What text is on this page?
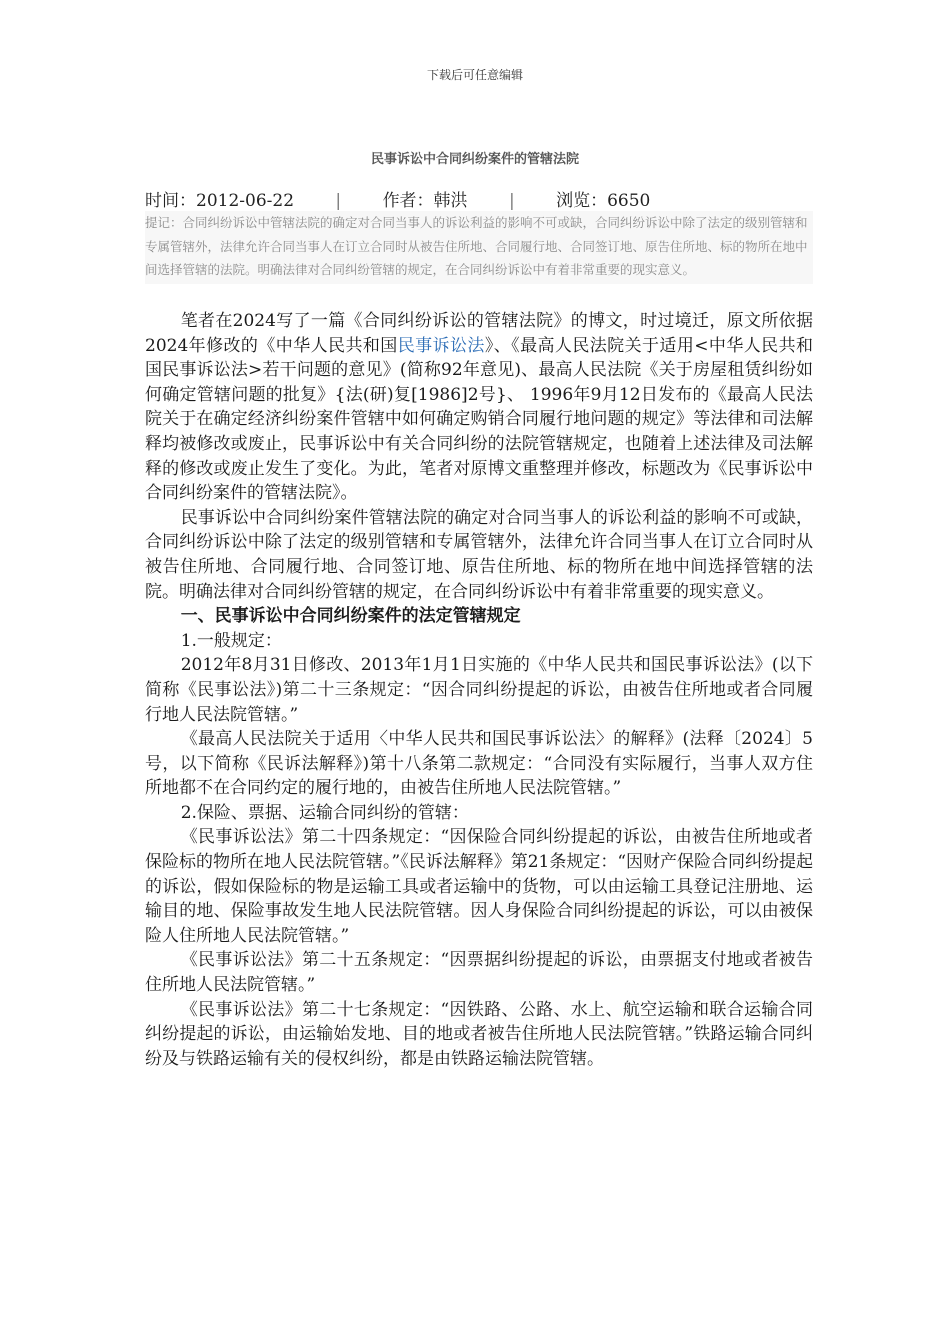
下载后可任意编辑
民事诉讼中合同纠纷案件的管辖法院
时间：2012-06-22 | 作者：韩洪 | 浏览：6650
提记：合同纠纷诉讼中管辖法院的确定对合同当事人的诉讼利益的影响不可或缺，合同纠纷诉讼中除了法定的级别管辖和专属管辖外，法律允许合同当事人在订立合同时从被告住所地、合同履行地、合同签订地、原告住所地、标的物所在地中间选择管辖的法院。明确法律对合同纠纷管辖的规定，在合同纠纷诉讼中有着非常重要的现实意义。

笔者在2024写了一篇《合同纠纷诉讼的管辖法院》的博文，时过境迁，原文所依据2024年修改的《中华人民共和国民事诉讼法》、《最高人民法院关于适用<中华人民共和国民事诉讼法>若干问题的意见》(简称92年意见)、最高人民法院《关于房屋租赁纠纷如何确定管辖问题的批复》{法(研)复[1986]2号}、 1996年9月12日发布的《最高人民法院关于在确定经济纠纷案件管辖中如何确定购销合同履行地问题的规定》等法律和司法解释均被修改或废止，民事诉讼中有关合同纠纷的法院管辖规定，也随着上述法律及司法解释的修改或废止发生了变化。为此，笔者对原博文重整理并修改，标题改为《民事诉讼中合同纠纷案件的管辖法院》。

民事诉讼中合同纠纷案件管辖法院的确定对合同当事人的诉讼利益的影响不可或缺，合同纠纷诉讼中除了法定的级别管辖和专属管辖外，法律允许合同当事人在订立合同时从被告住所地、合同履行地、合同签订地、原告住所地、标的物所在地中间选择管辖的法院。明确法律对合同纠纷管辖的规定，在合同纠纷诉讼中有着非常重要的现实意义。

一、民事诉讼中合同纠纷案件的法定管辖规定

1.一般规定：

2012年8月31日修改、2013年1月1日实施的《中华人民共和国民事诉讼法》(以下简称《民事讼法》)第二十三条规定：“因合同纠纷提起的诉讼，由被告住所地或者合同履行地人民法院管辖。”

《最高人民法院关于适用〈中华人民共和国民事诉讼法〉的解释》(法释〔2024〕5号，以下简称《民诉法解释》)第十八条第二款规定：“合同没有实际履行，当事人双方住所地都不在合同约定的履行地的，由被告住所地人民法院管辖。”

2.保险、票据、运输合同纠纷的管辖：

《民事诉讼法》第二十四条规定：“因保险合同纠纷提起的诉讼，由被告住所地或者保险标的物所在地人民法院管辖。”《民诉法解释》第21条规定：“因财产保险合同纠纷提起的诉讼，假如保险标的物是运输工具或者运输中的货物，可以由运输工具登记注册地、运输目的地、保险事故发生地人民法院管辖。因人身保险合同纠纷提起的诉讼，可以由被保险人住所地人民法院管辖。”

《民事诉讼法》第二十五条规定：“因票据纠纷提起的诉讼，由票据支付地或者被告住所地人民法院管辖。”

《民事诉讼法》第二十七条规定：“因铁路、公路、水上、航空运输和联合运输合同纠纷提起的诉讼，由运输始发地、目的地或者被告住所地人民法院管辖。”铁路运输合同纠纷及与铁路运输有关的侵权纠纷，都是由铁路运输法院管辖。
